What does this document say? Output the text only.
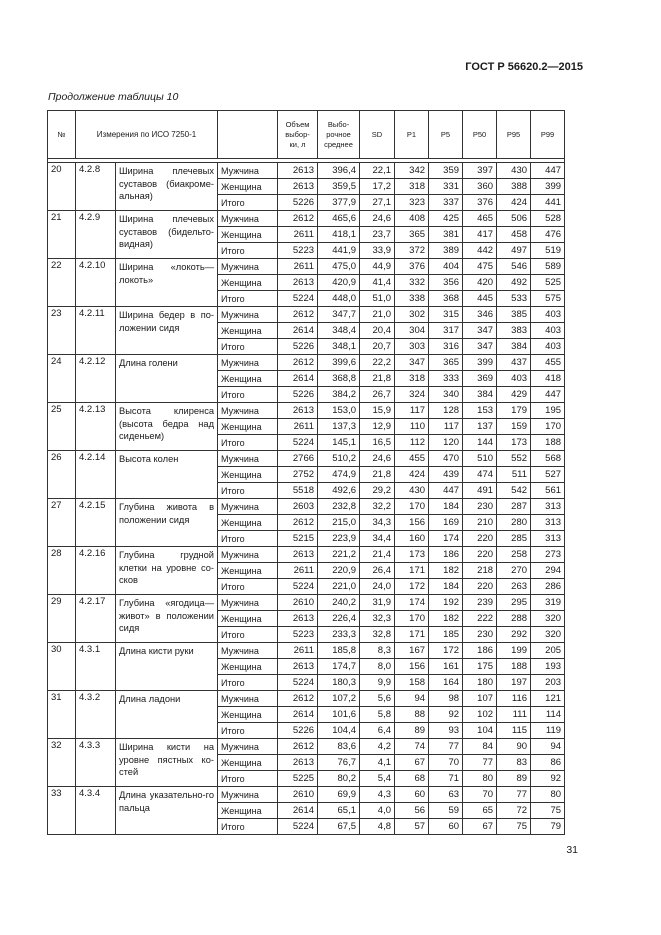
ГОСТ Р 56620.2—2015
Продолжение таблицы 10
№	Измерения по ИСО 7250-1			Объем выбор-ки, л	Выбо-рочное среднее	SD	P1	P5	P50	P95	P99

20	4.2.8	Ширина плечевых суставов (биакроме-альная)	Мужчина	2613	396,4	22,1	342	359	397	430	447
			Женщина	2613	359,5	17,2	318	331	360	388	399
			Итого	5226	377,9	27,1	323	337	376	424	441
21	4.2.9	Ширина плечевых суставов (бидельто-видная)	Мужчина	2612	465,6	24,6	408	425	465	506	528
			Женщина	2611	418,1	23,7	365	381	417	458	476
			Итого	5223	441,9	33,9	372	389	442	497	519
22	4.2.10	Ширина «локоть—локоть»	Мужчина	2611	475,0	44,9	376	404	475	546	589
			Женщина	2613	420,9	41,4	332	356	420	492	525
			Итого	5224	448,0	51,0	338	368	445	533	575
23	4.2.11	Ширина бедер в по-ложении сидя	Мужчина	2612	347,7	21,0	302	315	346	385	403
			Женщина	2614	348,4	20,4	304	317	347	383	403
			Итого	5226	348,1	20,7	303	316	347	384	403
24	4.2.12	Длина голени	Мужчина	2612	399,6	22,2	347	365	399	437	455
			Женщина	2614	368,8	21,8	318	333	369	403	418
			Итого	5226	384,2	26,7	324	340	384	429	447
25	4.2.13	Высота клиренса (высота бедра над сиденьем)	Мужчина	2613	153,0	15,9	117	128	153	179	195
			Женщина	2611	137,3	12,9	110	117	137	159	170
			Итого	5224	145,1	16,5	112	120	144	173	188
26	4.2.14	Высота колен	Мужчина	2766	510,2	24,6	455	470	510	552	568
			Женщина	2752	474,9	21,8	424	439	474	511	527
			Итого	5518	492,6	29,2	430	447	491	542	561
27	4.2.15	Глубина живота в положении сидя	Мужчина	2603	232,8	32,2	170	184	230	287	313
			Женщина	2612	215,0	34,3	156	169	210	280	313
			Итого	5215	223,9	34,4	160	174	220	285	313
28	4.2.16	Глубина грудной клетки на уровне со-сков	Мужчина	2613	221,2	21,4	173	186	220	258	273
			Женщина	2611	220,9	26,4	171	182	218	270	294
			Итого	5224	221,0	24,0	172	184	220	263	286
29	4.2.17	Глубина «ягодица—живот» в положении сидя	Мужчина	2610	240,2	31,9	174	192	239	295	319
			Женщина	2613	226,4	32,3	170	182	222	288	320
			Итого	5223	233,3	32,8	171	185	230	292	320
30	4.3.1	Длина кисти руки	Мужчина	2611	185,8	8,3	167	172	186	199	205
			Женщина	2613	174,7	8,0	156	161	175	188	193
			Итого	5224	180,3	9,9	158	164	180	197	203
31	4.3.2	Длина ладони	Мужчина	2612	107,2	5,6	94	98	107	116	121
			Женщина	2614	101,6	5,8	88	92	102	111	114
			Итого	5226	104,4	6,4	89	93	104	115	119
32	4.3.3	Ширина кисти на уровне пястных ко-стей	Мужчина	2612	83,6	4,2	74	77	84	90	94
			Женщина	2613	76,7	4,1	67	70	77	83	86
			Итого	5225	80,2	5,4	68	71	80	89	92
33	4.3.4	Длина указательно-го пальца	Мужчина	2610	69,9	4,3	60	63	70	77	80
			Женщина	2614	65,1	4,0	56	59	65	72	75
			Итого	5224	67,5	4,8	57	60	67	75	79
31
